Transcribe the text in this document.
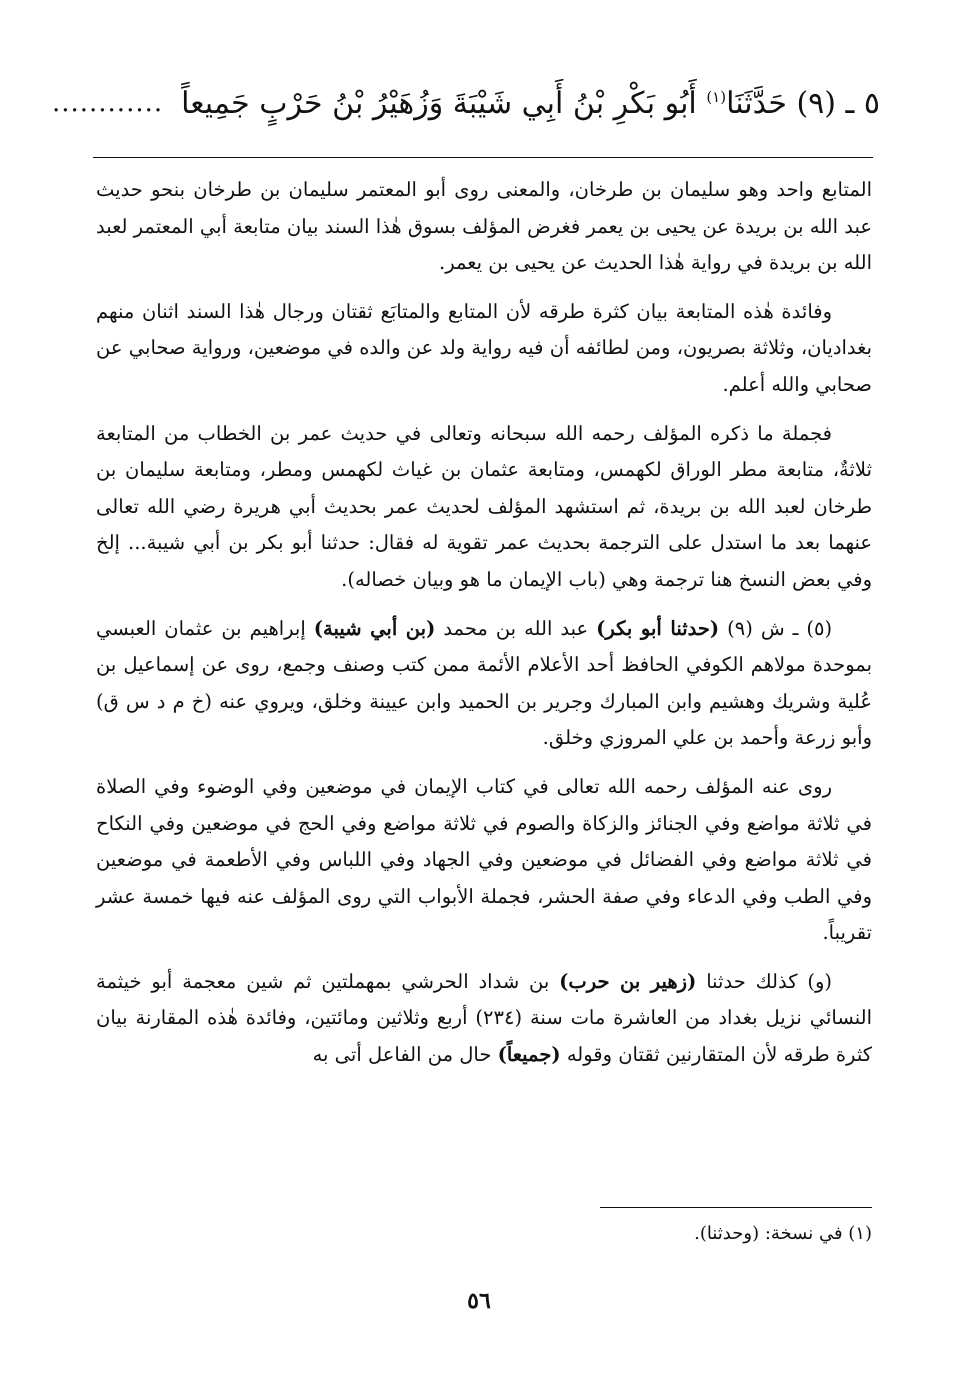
٥ ـ (٩) حَدَّثَنَا$^{(١)}$ أَبُو بَكْرِ بْنُ أَبِي شَيْبَةَ وَزُهَيْرُ بْنُ حَرْبٍ جَمِيعاً
............

المتابع واحد وهو سليمان بن طرخان، والمعنى روى أبو المعتمر سليمان بن طرخان بنحو حديث عبد الله بن بريدة عن يحيى بن يعمر فغرض المؤلف بسوق هٰذا السند بيان متابعة أبي المعتمر لعبد الله بن بريدة في رواية هٰذا الحديث عن يحيى بن يعمر.

وفائدة هٰذه المتابعة بيان كثرة طرقه لأن المتابع والمتابَع ثقتان ورجال هٰذا السند اثنان منهم بغداديان، وثلاثة بصريون، ومن لطائفه أن فيه رواية ولد عن والده في موضعين، ورواية صحابي عن صحابي والله أعلم.

فجملة ما ذكره المؤلف رحمه الله سبحانه وتعالى في حديث عمر بن الخطاب من المتابعة ثلاثةٌ، متابعة مطر الوراق لكهمس، ومتابعة عثمان بن غياث لكهمس ومطر، ومتابعة سليمان بن طرخان لعبد الله بن بريدة، ثم استشهد المؤلف لحديث عمر بحديث أبي هريرة رضي الله تعالى عنهما بعد ما استدل على الترجمة بحديث عمر تقوية له فقال: حدثنا أبو بكر بن أبي شيبة... إلخ وفي بعض النسخ هنا ترجمة وهي (باب الإيمان ما هو وبيان خصاله).

(٥) ـ ش (٩) (حدثنا أبو بكر) عبد الله بن محمد (بن أبي شيبة) إبراهيم بن عثمان العبسي بموحدة مولاهم الكوفي الحافظ أحد الأعلام الأئمة ممن كتب وصنف وجمع، روى عن إسماعيل بن عُلية وشريك وهشيم وابن المبارك وجرير بن الحميد وابن عيينة وخلق، ويروي عنه (خ م د س ق) وأبو زرعة وأحمد بن علي المروزي وخلق.

روى عنه المؤلف رحمه الله تعالى في كتاب الإيمان في موضعين وفي الوضوء وفي الصلاة في ثلاثة مواضع وفي الجنائز والزكاة والصوم في ثلاثة مواضع وفي الحج في موضعين وفي النكاح في ثلاثة مواضع وفي الفضائل في موضعين وفي الجهاد وفي اللباس وفي الأطعمة في موضعين وفي الطب وفي الدعاء وفي صفة الحشر، فجملة الأبواب التي روى المؤلف عنه فيها خمسة عشر تقريباً.

(و) كذلك حدثنا (زهير بن حرب) بن شداد الحرشي بمهملتين ثم شين معجمة أبو خيثمة النسائي نزيل بغداد من العاشرة مات سنة (٢٣٤) أربع وثلاثين ومائتين، وفائدة هٰذه المقارنة بيان كثرة طرقه لأن المتقارنين ثقتان وقوله (جميعاً) حال من الفاعل أتى به

(١) في نسخة: (وحدثنا).
٥٦
